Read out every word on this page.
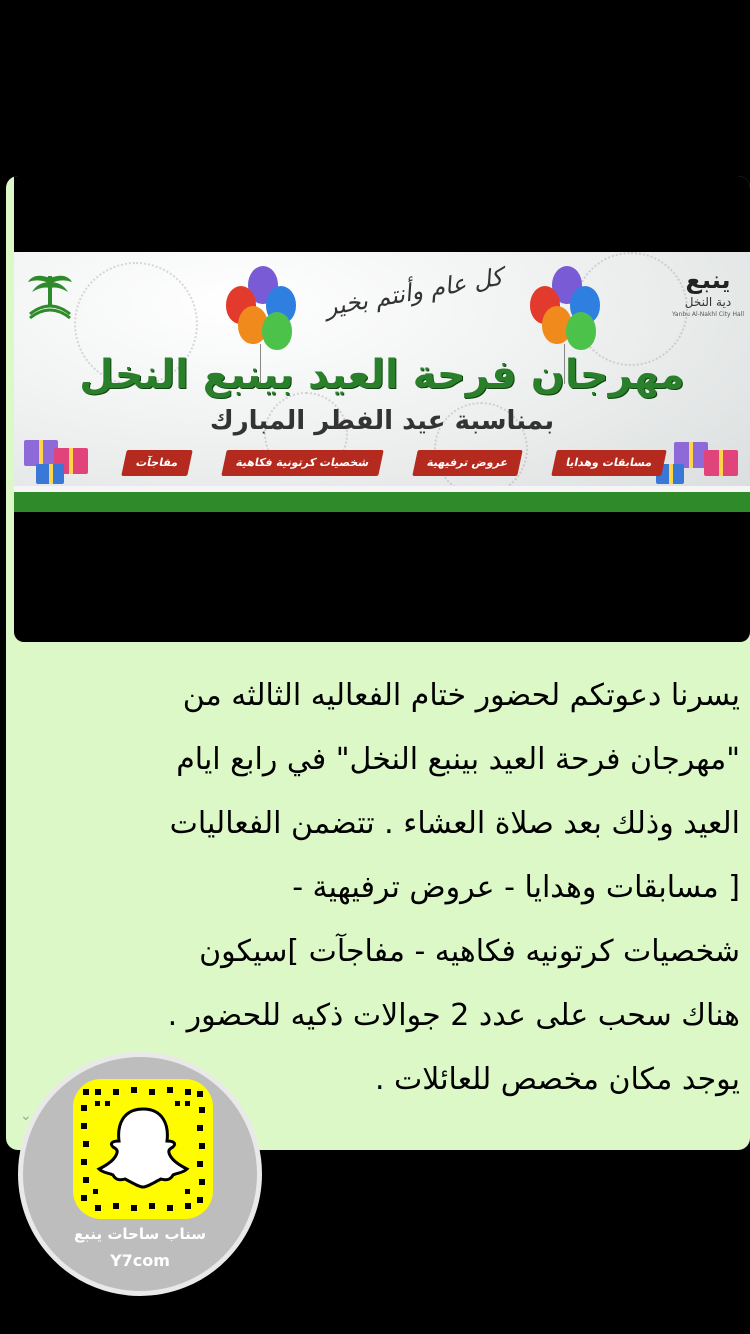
ينبع
دية النخل
Yanbu Al-Nakhl City Hall
كل عام وأنتم بخير
مهرجان فرحة العيد بينبع النخل
بمناسبة عيد الفطر المبارك
مسابقات وهدايا
عروض ترفيهية
شخصيات كرتونية فكاهية
مفاجآت
يسرنا دعوتكم لحضور ختام الفعاليه الثالثه من
"مهرجان فرحة العيد بينبع النخل" في رابع ايام
العيد وذلك بعد صلاة العشاء . تتضمن الفعاليات
[ مسابقات وهدايا - عروض ترفيهية -
شخصيات كرتونيه فكاهيه - مفاجآت ]سيكون
هناك سحب على عدد 2 جوالات ذكيه للحضور .
يوجد مكان مخصص للعائلات .
⌄
سناب ساحات ينبع
Y7com
